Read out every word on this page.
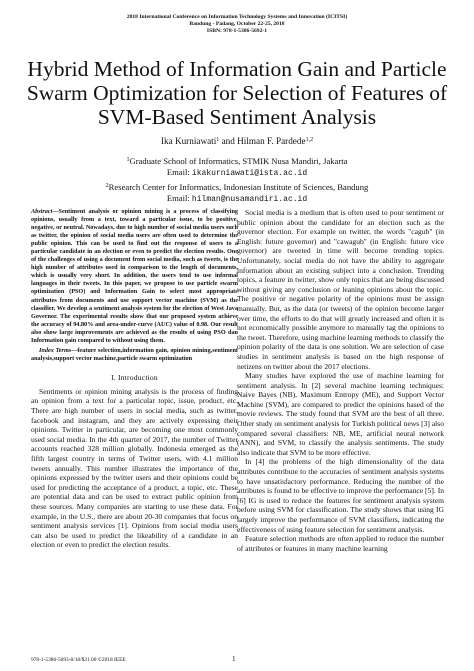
2018 International Conference on Information Technology Systems and Innovation (ICITSI)
Bandung - Padang, October 22-25, 2018
ISBN: 978-1-5386-5692-1
Hybrid Method of Information Gain and Particle
Swarm Optimization for Selection of Features of
SVM-Based Sentiment Analysis
Ika Kurniawati$^1$ and Hilman F. Pardede$^{1,2}$
$^1$Graduate School of Informatics, STMIK Nusa Mandiri, Jakarta
Email: ikakurniawati@ista.ac.id
$^2$Research Center for Informatics, Indonesian Institute of Sciences, Bandung
Email: hilman@nusamandiri.ac.id

Abstract—Sentiment analysis or opinion mining is a process of classifying opinions, usually from a text, toward a particular issue, to be positive, negative, or neutral. Nowadays, due to high number of social media users such as twitter, the opinion of social media users are often used to determine the public opinion. This can be used to find out the response of users to a particular candidate in an election or even to predict the election results. One of the challenges of using a document from social media, such as tweets, is the high number of attributes used in comparison to the length of documents, which is usually very short. In addition, the users tend to use informal languages in their tweets. In this paper, we propose to use particle swarm optimization (PSO) and Information Gain to select most appropriate attributes from documents and use support vector machine (SVM) as the classifier. We develop a sentiment analysis system for the election of West Java Governor. The experimental results show that our proposed system achieve the accuracy of 94.80% and area-under-curve (AUC) value of 0.98. Our result also show large improvements are achieved as the results of using PSO dan Information gain compared to without using them.

Index Terms—feature selection,information gain, opinion mining,sentiment analysis,support vector machine,particle swarm optimization

I. Introduction

Sentiments or opinion mining analysis is the process of finding an opinion from a text for a particular topic, issue, product, etc. There are high number of users in social media, such as twitter, facebook and instagram, and they are actively expressing their opinions. Twitter in particular, are becoming one most commonly used social media. In the 4th quarter of 2017, the number of Twitter accounts reached 328 million globally. Indonesia emerged as the fifth largest country in terms of Twitter users, with 4.1 million tweets annually. This number illustrates the importance of the opinions expressed by the twitter users and their opinions could be used for predicting the acceptance of a product, a topic, etc. These are potential data and can be used to extract public opinion from these sources. Many companies are starting to use these data. For example, in the U.S., there are about 20-30 companies that focus on sentiment analysis services [1]. Opinions from social media users can also be used to predict the likeability of a candidate in an election or even to predict the election results.

Social media is a medium that is often used to pour sentiment or public opinion about the candidate for an election such as the governor election. For example on twitter, the words "cagub" (in English: future governor) and "cawagub" (in English: future vice governor) are tweeted in time will become trending topics. Unfortunately, social media do not have the ability to aggregate information about an existing subject into a conclusion. Trending topics, a feature in twitter, show only topics that are being discussed without giving any conclusion or leaning opinions about the topic. The positive or negative polarity of the opinions must be assign manually. But, as the data (or tweets) of the opinion become larger over time, the efforts to do that will greatly increased and often it is not economically possible anymore to manually tag the opinions to the tweet. Therefore, using machine learning methods to classify the opinion polarity of the data is one solution. We are selection of case studies in sentiment analysis is based on the high response of netizens on twitter about the 2017 elections.

Many studies have explored the use of machine learning for sentiment analysis. In [2] several machine learning techniques: Naive Bayes (NB), Maximum Entropy (ME), and Support Vector Machine (SVM), are compared to predict the opinions based of the movie reviews. The study found that SVM are the best of all three. Other study on sentiment analysis for Turkish political news [3] also compared several classifiers: NB, ME, artificial neural network (ANN), and SVM, to classify the analysis sentiments. The study also indicate that SVM to be more effective.

In [4] the problems of the high dimensionality of the data attributes contribute to the accuracies of sentiment analysis systems to have unsatisfactory performance. Reducing the number of the attributes is found to be effective to improve the performance [5]. In [6] IG is used to reduce the features for sentiment analysis system before using SVM for classification. The study shows that using IG largely improve the performance of SVM classifiers, indicating the effectiveness of using feature selection for sentiment analysis.

Feature selection methods are often applied to reduce the number of attributes or features in many machine learning

978-1-5386-5693-8/18/$31.00 ©2018 IEEE	1
